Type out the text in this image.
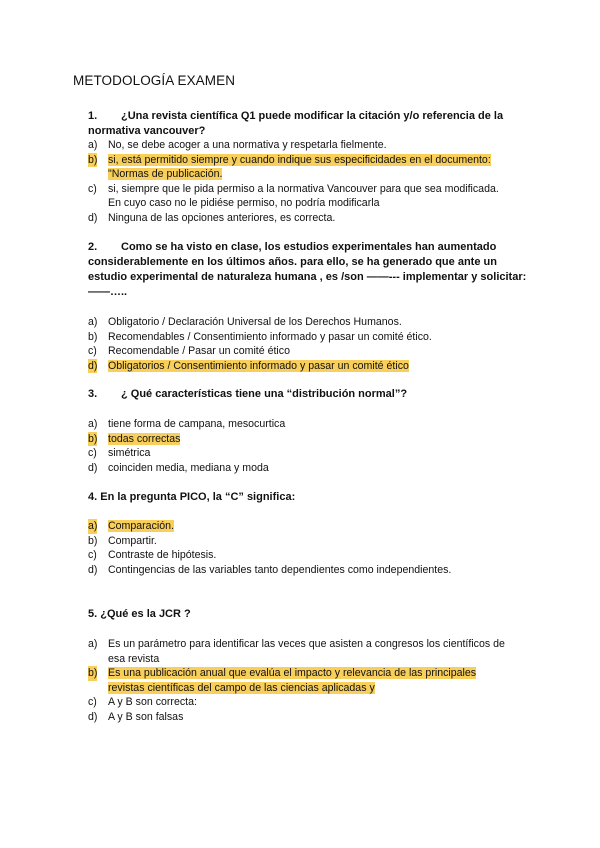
METODOLOGÍA EXAMEN
1. ¿Una revista científica Q1 puede modificar la citación y/o referencia de la normativa vancouver?
a) No, se debe acoger a una normativa y respetarla fielmente.
b) si, está permitido siempre y cuando indique sus especificidades en el documento:
"Normas de publicación.
c) si, siempre que le pida permiso a la normativa Vancouver para que sea modificada.
En cuyo caso no le pidiése permiso, no podría modificarla
d) Ninguna de las opciones anteriores, es correcta.
2. Como se ha visto en clase, los estudios experimentales han aumentado considerablemente en los últimos años. para ello, se ha generado que ante un estudio experimental de naturaleza humana , es /son ——--- implementar y solicitar: ——…..
a) Obligatorio / Declaración Universal de los Derechos Humanos.
b) Recomendables / Consentimiento informado y pasar un comité ético.
c) Recomendable / Pasar un comité ético
d) Obligatorios / Consentimiento informado y pasar un comité ético
3. ¿ Qué características tiene una “distribución normal”?
a) tiene forma de campana, mesocurtica
b) todas correctas
c) simétrica
d) coinciden media, mediana y moda
4. En la pregunta PICO, la “C” significa:
a) Comparación.
b) Compartir.
c) Contraste de hipótesis.
d) Contingencias de las variables tanto dependientes como independientes.
5. ¿Qué es la JCR ?
a) Es un parámetro para identificar las veces que asisten a congresos los científicos de
esa revista
b) Es una publicación anual que evalúa el impacto y relevancia de las principales
revistas científicas del campo de las ciencias aplicadas y
c) A y B son correcta:
d) A y B son falsas
